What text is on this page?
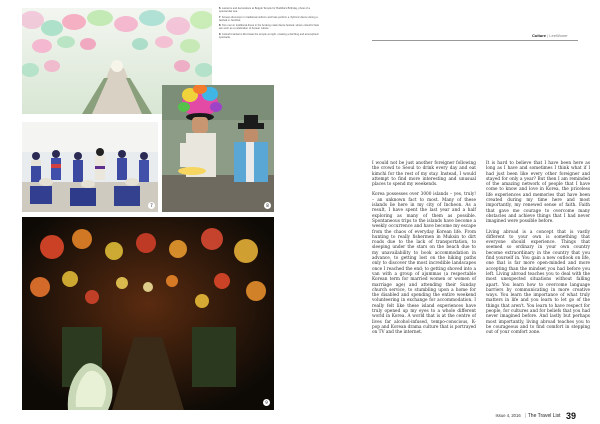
6. Lanterns and decorations at Bulguk Temple for Buddha's Birthday, photo of a spectacular sea.

7. Korean drummers in traditional uniform and hats perform a rhythmic dance during a festival in Jeonbuk.

8. Two men in traditional dress in the Andong mask dance festival, where colourful hats are worn as a celebration of Korean culture.

9. Colourful lanterns illuminate the temple at night, creating a dazzling and atmospheric spectacle.

7	8
9
Culture | LeeWoner

I would not be just another foreigner following the crowd to Seoul to drink every day and eat kimchi for the rest of my stay. Instead, I would attempt to find more interesting and unusual places to spend my weekends.

Korea possesses over 3000 islands – yes, truly! – an unknown fact to most. Many of these islands lie here in my city of Incheon. As a result, I have spent the last year and a half exploring as many of them as possible. Spontaneous trips to the islands have become a weekly occurrence and have become my escape from the chaos of everyday Korean life. From hunting to really fishermen in Muksin to dirt roads due to the lack of transportation, to sleeping under the stars on the beach due to my unavailability to book accommodation in advance, to getting lost on the hiking paths only to discover the most incredible landscapes once I reached the end; to getting shoved into a van with a group of ajummas (a respectable Korean term for married women or women of marriage age) and attending their Sunday church service, to stumbling upon a home for the disabled and spending the entire weekend volunteering in exchange for accommodation. I really felt like these island experiences have truly opened up my eyes to a whole different world in Korea. A world that is at the centre of lives far alcohol-infused, tempo-conscious, K-pop and Korean drama culture that is portrayed on TV and the internet.

It is hard to believe that I have been here as long as I have and sometimes I think what if I had just been like every other foreigner and stayed for only a year? But then I am reminded of the amazing network of people that I have come to know and love in Korea, the priceless life experiences and memories that have been created during my time here and most importantly, my renewed sense of faith. Faith that gave me courage to overcome many obstacles and achieve things that I had never imagined were possible before.

Living abroad is a concept that is vastly different to your own is something that everyone should experience. Things that seemed so ordinary in your own country become extraordinary in the country that you find yourself in. You gain a new outlook on life, one that is far more open-minded and more accepting than the mindset you had before you left. Living abroad teaches you to deal with the most unexpected situations without falling apart. You learn how to overcome language barriers by communicating in more creative ways. You learn the importance of what truly matters in life and you learn to let go of the things that aren't. You learn to have respect for people, for cultures and for beliefs that you had never imagined before. And lastly but perhaps most importantly, living abroad teaches you to be courageous and to find comfort in stepping out of your comfort zone.

Issue 4, 2016 | The Travel List 39
